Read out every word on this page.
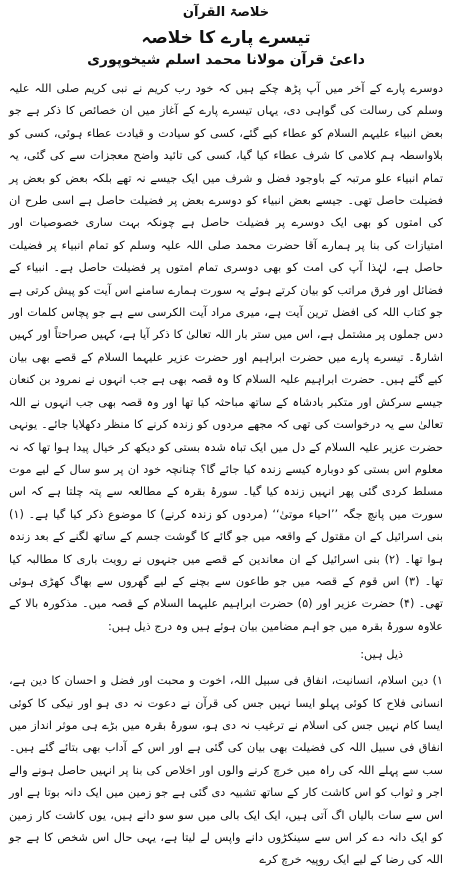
خلاصۃ القرآن
تیسرے پارے کا خلاصہ
داعیٔ قرآن مولانا محمد اسلم شیخوپوری

دوسرے پارے کے آخر میں آپ پڑھ چکے ہیں کہ خود رب کریم نے نبی کریم صلی اللہ علیہ وسلم کی رسالت کی گواہی دی، یہاں تیسرے پارے کے آغاز میں ان خصائص کا ذکر ہے جو بعض انبیاء علیہم السلام کو عطاء کیے گئے، کسی کو سیادت و قیادت عطاء ہوئی، کسی کو بلاواسطہ ہم کلامی کا شرف عطاء کیا گیا، کسی کی تائید واضح معجزات سے کی گئی، یہ تمام انبیاء علو مرتبہ کے باوجود فضل و شرف میں ایک جیسے نہ تھے بلکہ بعض کو بعض پر فضیلت حاصل تھی۔ جیسے بعض انبیاء کو دوسرے بعض پر فضیلت حاصل ہے اسی طرح ان کی امتوں کو بھی ایک دوسرے پر فضیلت حاصل ہے چونکہ بہت ساری خصوصیات اور امتیازات کی بنا پر ہمارے آقا حضرت محمد صلی اللہ علیہ وسلم کو تمام انبیاء پر فضیلت حاصل ہے، لہٰذا آپ کی امت کو بھی دوسری تمام امتوں پر فضیلت حاصل ہے۔ انبیاء کے فضائل اور فرق مراتب کو بیان کرتے ہوئے یہ سورت ہمارے سامنے اس آیت کو پیش کرتی ہے جو کتاب اللہ کی افضل ترین آیت ہے، میری مراد آیت الکرسی سے ہے جو پچاس کلمات اور دس جملوں پر مشتمل ہے، اس میں ستر بار اللہ تعالیٰ کا ذکر آیا ہے، کہیں صراحتاً اور کہیں اشارۃً۔ تیسرے پارے میں حضرت ابراہیم اور حضرت عزیر علیہما السلام کے قصے بھی بیان کیے گئے ہیں۔ حضرت ابراہیم علیہ السلام کا وہ قصہ بھی ہے جب انہوں نے نمرود بن کنعان جیسے سرکش اور متکبر بادشاہ کے ساتھ مباحثہ کیا تھا اور وہ قصہ بھی جب انہوں نے اللہ تعالیٰ سے یہ درخواست کی تھی کہ مجھے مردوں کو زندہ کرنے کا منظر دکھلایا جائے۔ یونہی حضرت عزیر علیہ السلام کے دل میں ایک تباہ شدہ بستی کو دیکھ کر خیال پیدا ہوا تھا کہ نہ معلوم اس بستی کو دوبارہ کیسے زندہ کیا جائے گا؟ چنانچہ خود ان پر سو سال کے لیے موت مسلط کردی گئی پھر انہیں زندہ کیا گیا۔ سورۂ بقرہ کے مطالعہ سے پتہ چلتا ہے کہ اس سورت میں پانچ جگہ ’’احیاء موتیٰ‘‘ (مردوں کو زندہ کرنے) کا موضوع ذکر کیا گیا ہے۔ (۱) بنی اسرائیل کے ان مقتول کے واقعہ میں جو گائے کا گوشت جسم کے ساتھ لگنے کے بعد زندہ ہوا تھا۔ (۲) بنی اسرائیل کے ان معاندین کے قصے میں جنہوں نے رویت باری کا مطالبہ کیا تھا۔ (۳) اس قوم کے قصہ میں جو طاعون سے بچنے کے لیے گھروں سے بھاگ کھڑی ہوئی تھی۔ (۴) حضرت عزیر اور (۵) حضرت ابراہیم علیہما السلام کے قصہ میں۔ مذکورہ بالا کے علاوہ سورۂ بقرہ میں جو اہم مضامین بیان ہوئے ہیں وہ درج ذیل ہیں:

ذیل ہیں:

۱) دین اسلام، انسانیت، انفاق فی سبیل اللہ، اخوت و محبت اور فضل و احسان کا دین ہے، انسانی فلاح کا کوئی پہلو ایسا نہیں جس کی قرآن نے دعوت نہ دی ہو اور نیکی کا کوئی ایسا کام نہیں جس کی اسلام نے ترغیب نہ دی ہو، سورۂ بقرہ میں بڑے ہی موثر انداز میں انفاق فی سبیل اللہ کی فضیلت بھی بیان کی گئی ہے اور اس کے آداب بھی بتائے گئے ہیں۔ سب سے پہلے اللہ کی راہ میں خرچ کرنے والوں اور اخلاص کی بنا پر انہیں حاصل ہونے والے اجر و ثواب کو اس کاشت کار کے ساتھ تشبیہ دی گئی ہے جو زمین میں ایک دانہ بوتا ہے اور اس سے سات بالیاں اگ آتی ہیں، ایک ایک بالی میں سو سو دانے ہیں، یوں کاشت کار زمین کو ایک دانہ دے کر اس سے سینکڑوں دانے واپس لے لیتا ہے، یہی حال اس شخص کا ہے جو اللہ کی رضا کے لیے ایک روپیہ خرچ کرے
